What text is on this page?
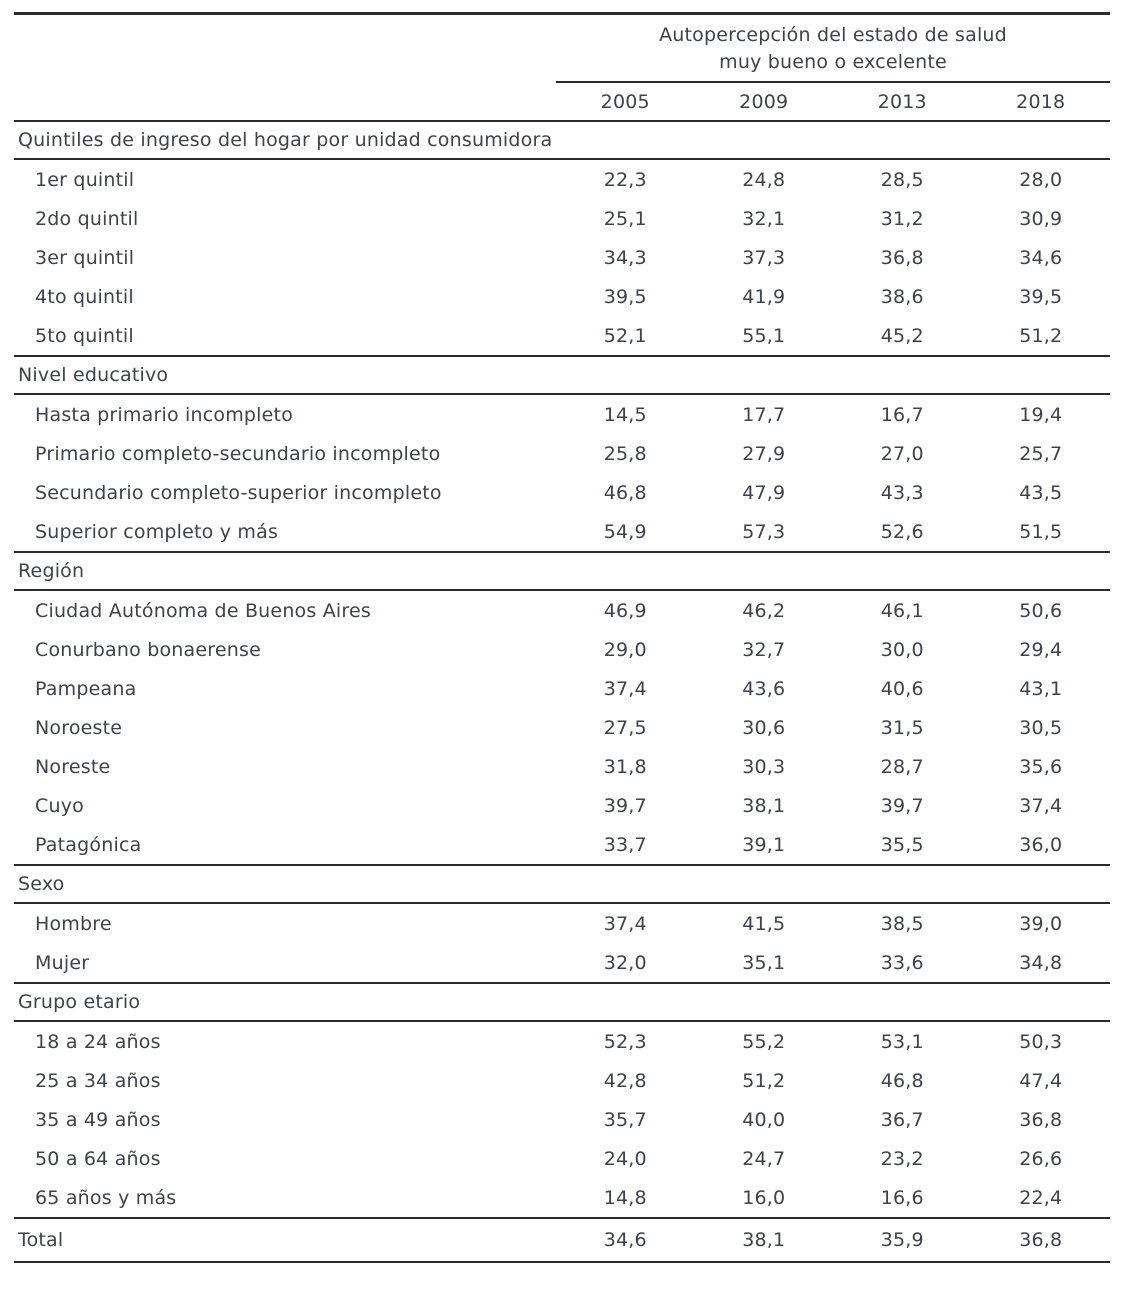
Autopercepción del estado de salud
muy bueno o excelente
2005	2009	2013	2018
Quintiles de ingreso del hogar por unidad consumidora
1er quintil	22,3	24,8	28,5	28,0
2do quintil	25,1	32,1	31,2	30,9
3er quintil	34,3	37,3	36,8	34,6
4to quintil	39,5	41,9	38,6	39,5
5to quintil	52,1	55,1	45,2	51,2
Nivel educativo
Hasta primario incompleto	14,5	17,7	16,7	19,4
Primario completo-secundario incompleto	25,8	27,9	27,0	25,7
Secundario completo-superior incompleto	46,8	47,9	43,3	43,5
Superior completo y más	54,9	57,3	52,6	51,5
Región
Ciudad Autónoma de Buenos Aires	46,9	46,2	46,1	50,6
Conurbano bonaerense	29,0	32,7	30,0	29,4
Pampeana	37,4	43,6	40,6	43,1
Noroeste	27,5	30,6	31,5	30,5
Noreste	31,8	30,3	28,7	35,6
Cuyo	39,7	38,1	39,7	37,4
Patagónica	33,7	39,1	35,5	36,0
Sexo
Hombre	37,4	41,5	38,5	39,0
Mujer	32,0	35,1	33,6	34,8
Grupo etario
18 a 24 años	52,3	55,2	53,1	50,3
25 a 34 años	42,8	51,2	46,8	47,4
35 a 49 años	35,7	40,0	36,7	36,8
50 a 64 años	24,0	24,7	23,2	26,6
65 años y más	14,8	16,0	16,6	22,4
Total	34,6	38,1	35,9	36,8
